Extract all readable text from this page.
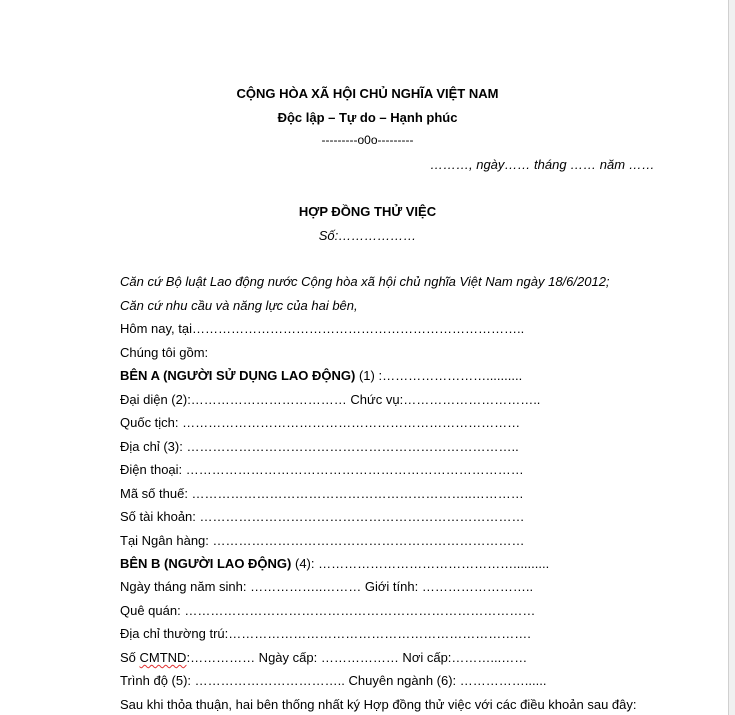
CỘNG HÒA XÃ HỘI CHỦ NGHĨA VIỆT NAM
Độc lập – Tự do – Hạnh phúc
---------o0o---------
………, ngày…… tháng …… năm ……
HỢP ĐỒNG THỬ VIỆC
Số:………………
Căn cứ Bộ luật Lao động nước Cộng hòa xã hội chủ nghĩa Việt Nam ngày 18/6/2012;
Căn cứ nhu cầu và năng lực của hai bên,
Hôm nay, tại…………………………………………………………………..
Chúng tôi gồm:
BÊN A (NGƯỜI SỬ DỤNG LAO ĐỘNG) (1) :……………………..........
Đại diện (2):……………………………… Chức vụ:…………………………..
Quốc tịch: ……………………………………………………………………
Địa chỉ (3): …………………………………………………………………..
Điện thoại: ……………………………………………………………………
Mã số thuế: ………………………………………………………..…………
Số tài khoản: …………………………………………………………………
Tại Ngân hàng: ………………………………………………………………
BÊN B (NGƯỜI LAO ĐỘNG) (4): ………………………………………..........
Ngày tháng năm sinh: ……………..……… Giới tính: ……………………..
Quê quán: ………………………………………………………………………
Địa chỉ thường trú:…………………………………………………………….
Số CMTND:…………… Ngày cấp: ……………… Nơi cấp:………...……
Trình độ (5): …………………………….. Chuyên ngành (6): ……………......
Sau khi thỏa thuận, hai bên thống nhất ký Hợp đồng thử việc với các điều khoản sau đây:
